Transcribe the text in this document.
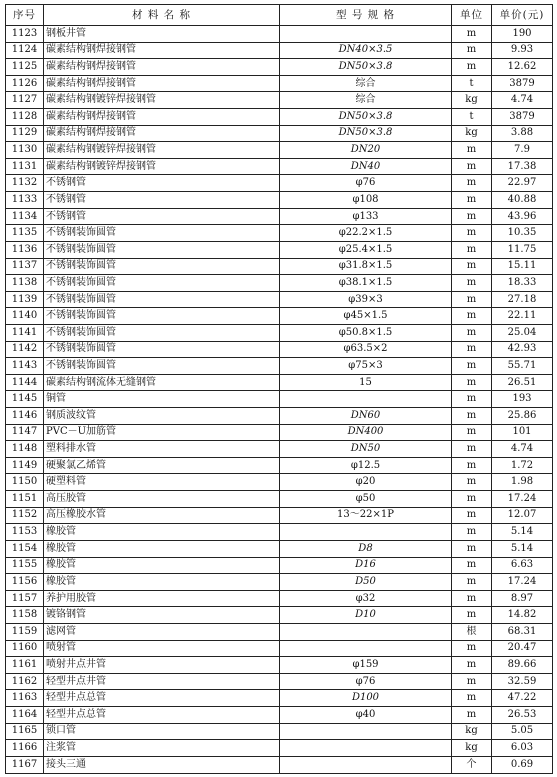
序号	材 料 名 称	型 号 规 格	单位	单价(元)
1123	钢板井管		m	190
1124	碳素结构钢焊接钢管	DN40×3.5	m	9.93
1125	碳素结构钢焊接钢管	DN50×3.8	m	12.62
1126	碳素结构钢焊接钢管	综合	t	3879
1127	碳素结构钢镀锌焊接钢管	综合	kg	4.74
1128	碳素结构钢焊接钢管	DN50×3.8	t	3879
1129	碳素结构钢焊接钢管	DN50×3.8	kg	3.88
1130	碳素结构钢镀锌焊接钢管	DN20	m	7.9
1131	碳素结构钢镀锌焊接钢管	DN40	m	17.38
1132	不锈钢管	φ76	m	22.97
1133	不锈钢管	φ108	m	40.88
1134	不锈钢管	φ133	m	43.96
1135	不锈钢装饰圆管	φ22.2×1.5	m	10.35
1136	不锈钢装饰圆管	φ25.4×1.5	m	11.75
1137	不锈钢装饰圆管	φ31.8×1.5	m	15.11
1138	不锈钢装饰圆管	φ38.1×1.5	m	18.33
1139	不锈钢装饰圆管	φ39×3	m	27.18
1140	不锈钢装饰圆管	φ45×1.5	m	22.11
1141	不锈钢装饰圆管	φ50.8×1.5	m	25.04
1142	不锈钢装饰圆管	φ63.5×2	m	42.93
1143	不锈钢装饰圆管	φ75×3	m	55.71
1144	碳素结构钢流体无缝钢管	15	m	26.51
1145	铜管		m	193
1146	钢质波纹管	DN60	m	25.86
1147	PVC－U加筋管	DN400	m	101
1148	塑料排水管	DN50	m	4.74
1149	硬聚氯乙烯管	φ12.5	m	1.72
1150	硬塑料管	φ20	m	1.98
1151	高压胶管	φ50	m	17.24
1152	高压橡胶水管	13～22×1P	m	12.07
1153	橡胶管		m	5.14
1154	橡胶管	D8	m	5.14
1155	橡胶管	D16	m	6.63
1156	橡胶管	D50	m	17.24
1157	养护用胶管	φ32	m	8.97
1158	镀铬钢管	D10	m	14.82
1159	滤网管		根	68.31
1160	喷射管		m	20.47
1161	喷射井点井管	φ159	m	89.66
1162	轻型井点井管	φ76	m	32.59
1163	轻型井点总管	D100	m	47.22
1164	轻型井点总管	φ40	m	26.53
1165	锁口管		kg	5.05
1166	注浆管		kg	6.03
1167	接头三通		个	0.69
